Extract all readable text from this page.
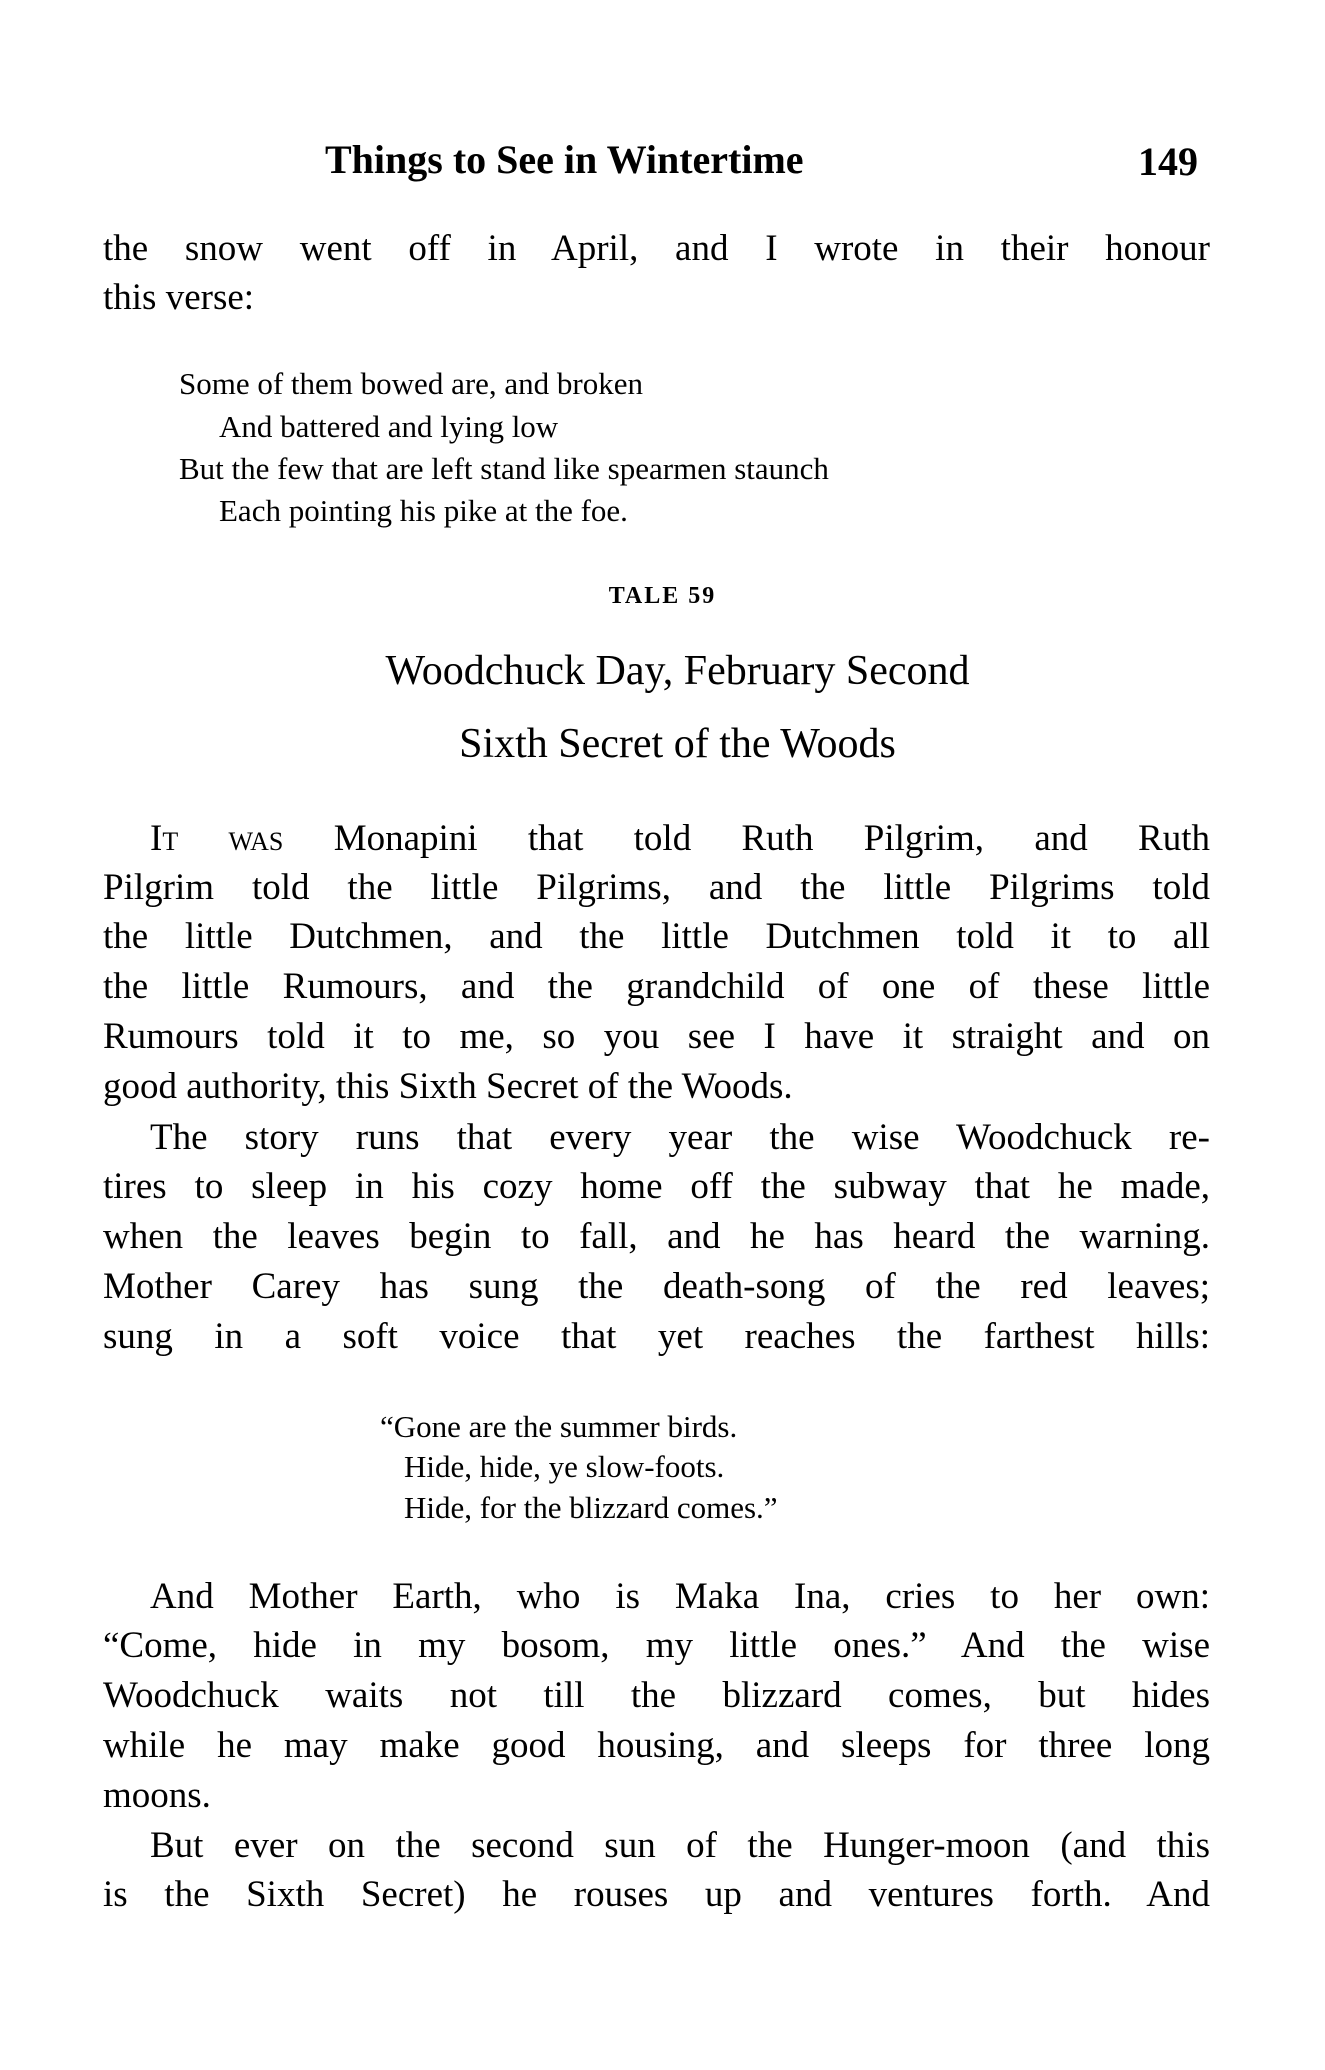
Things to See in Wintertime	149
the snow went off in April, and I wrote in their honour
this verse:
Some of them bowed are, and broken
And battered and lying low
But the few that are left stand like spearmen staunch
Each pointing his pike at the foe.
TALE 59
Woodchuck Day, February Second
Sixth Secret of the Woods
It was Monapini that told Ruth Pilgrim, and Ruth
Pilgrim told the little Pilgrims, and the little Pilgrims told
the little Dutchmen, and the little Dutchmen told it to all
the little Rumours, and the grandchild of one of these little
Rumours told it to me, so you see I have it straight and on
good authority, this Sixth Secret of the Woods.
The story runs that every year the wise Woodchuck re-
tires to sleep in his cozy home off the subway that he made,
when the leaves begin to fall, and he has heard the warning.
Mother Carey has sung the death-song of the red leaves;
sung in a soft voice that yet reaches the farthest hills:
“Gone are the summer birds.
Hide, hide, ye slow-foots.
Hide, for the blizzard comes.”
And Mother Earth, who is Maka Ina, cries to her own:
“Come, hide in my bosom, my little ones.” And the wise
Woodchuck waits not till the blizzard comes, but hides
while he may make good housing, and sleeps for three long
moons.
But ever on the second sun of the Hunger-moon (and this
is the Sixth Secret) he rouses up and ventures forth. And
